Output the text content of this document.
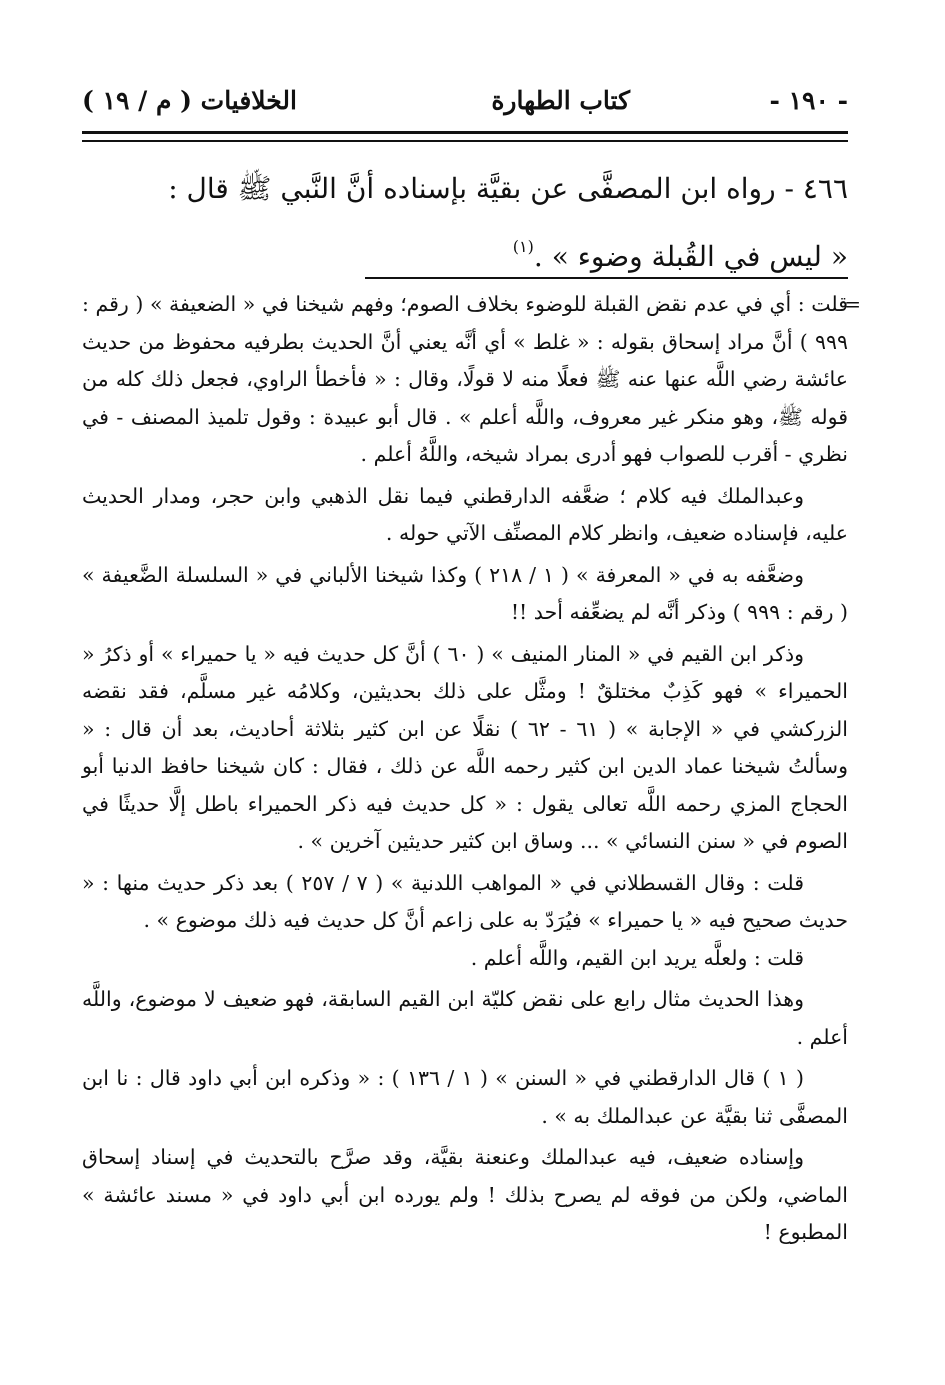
- ١٩٠ -
كتاب الطهارة
الخلافيات ( م / ١٩ )

٤٦٦ - رواه ابن المصفَّى عن بقيَّة بإسناده أنَّ النَّبي ﷺ قال :

« ليس في القُبلة وضوء » .$^{(١)}$

=

قلت : أي في عدم نقض القبلة للوضوء بخلاف الصوم؛ وفهم شيخنا في « الضعيفة » ( رقم : ٩٩٩ ) أنَّ مراد إسحاق بقوله : « غلط » أي أنَّه يعني أنَّ الحديث بطرفيه محفوظ من حديث عائشة رضي اللَّه عنها عنه ﷺ فعلًا منه لا قولًا، وقال : « فأخطأ الراوي، فجعل ذلك كله من قوله ﷺ، وهو منكر غير معروف، واللَّه أعلم » . قال أبو عبيدة : وقول تلميذ المصنف - في نظري - أقرب للصواب فهو أدرى بمراد شيخه، واللَّهُ أعلم .

وعبدالملك فيه كلام ؛ ضعَّفه الدارقطني فيما نقل الذهبي وابن حجر، ومدار الحديث عليه، فإسناده ضعيف، وانظر كلام المصنِّف الآتي حوله .

وضعَّفه به في « المعرفة » ( ١ / ٢١٨ ) وكذا شيخنا الألباني في « السلسلة الضَّعيفة » ( رقم : ٩٩٩ ) وذكر أنَّه لم يضعِّفه أحد !!

وذكر ابن القيم في « المنار المنيف » ( ٦٠ ) أنَّ كل حديث فيه « يا حميراء » أو ذكرُ « الحميراء » فهو كَذِبٌ مختلقٌ ! ومثَّل على ذلك بحديثين، وكلامُه غير مسلَّم، فقد نقضه الزركشي في « الإجابة » ( ٦١ - ٦٢ ) نقلًا عن ابن كثير بثلاثة أحاديث، بعد أن قال : « وسألتُ شيخنا عماد الدين ابن كثير رحمه اللَّه عن ذلك ، فقال : كان شيخنا حافظ الدنيا أبو الحجاج المزي رحمه اللَّه تعالى يقول : « كل حديث فيه ذكر الحميراء باطل إلَّا حديثًا في الصوم في « سنن النسائي » ... وساق ابن كثير حديثين آخرين » .

قلت : وقال القسطلاني في « المواهب اللدنية » ( ٧ / ٢٥٧ ) بعد ذكر حديث منها : « حديث صحيح فيه « يا حميراء » فيُرَدّ به على زاعم أنَّ كل حديث فيه ذلك موضوع » .

قلت : ولعلَّه يريد ابن القيم، واللَّه أعلم .

وهذا الحديث مثال رابع على نقض كليّة ابن القيم السابقة، فهو ضعيف لا موضوع، واللَّه أعلم .

( ١ ) قال الدارقطني في « السنن » ( ١ / ١٣٦ ) : « وذكره ابن أبي داود قال : نا ابن المصفَّى ثنا بقيَّة عن عبدالملك به » .

وإسناده ضعيف، فيه عبدالملك وعنعنة بقيَّة، وقد صرَّح بالتحديث في إسناد إسحاق الماضي، ولكن من فوقه لم يصرح بذلك ! ولم يورده ابن أبي داود في « مسند عائشة » المطبوع !
